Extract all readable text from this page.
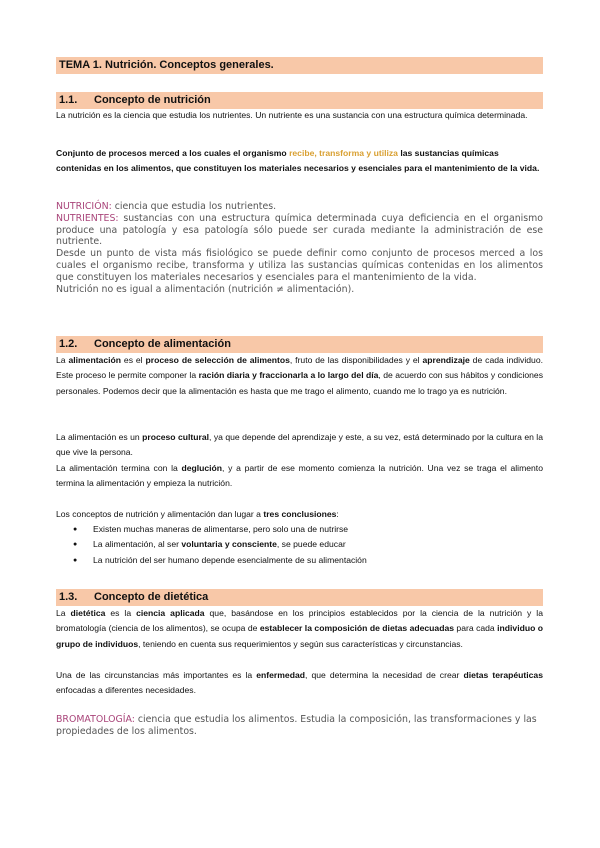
TEMA 1. Nutrición. Conceptos generales.
1.1. Concepto de nutrición

La nutrición es la ciencia que estudia los nutrientes. Un nutriente es una sustancia con una estructura química determinada.

Conjunto de procesos merced a los cuales el organismo recibe, transforma y utiliza las sustancias químicas contenidas en los alimentos, que constituyen los materiales necesarios y esenciales para el mantenimiento de la vida.

NUTRICIÓN: ciencia que estudia los nutrientes.
NUTRIENTES: sustancias con una estructura química determinada cuya deficiencia en el organismo produce una patología y esa patología sólo puede ser curada mediante la administración de ese nutriente.
Desde un punto de vista más fisiológico se puede definir como conjunto de procesos merced a los cuales el organismo recibe, transforma y utiliza las sustancias químicas contenidas en los alimentos que constituyen los materiales necesarios y esenciales para el mantenimiento de la vida.
Nutrición no es igual a alimentación (nutrición ≠ alimentación).
1.2. Concepto de alimentación

La alimentación es el proceso de selección de alimentos, fruto de las disponibilidades y el aprendizaje de cada individuo. Este proceso le permite componer la ración diaria y fraccionarla a lo largo del día, de acuerdo con sus hábitos y condiciones personales. Podemos decir que la alimentación es hasta que me trago el alimento, cuando me lo trago ya es nutrición.

La alimentación es un proceso cultural, ya que depende del aprendizaje y este, a su vez, está determinado por la cultura en la que vive la persona.

La alimentación termina con la deglución, y a partir de ese momento comienza la nutrición. Una vez se traga el alimento termina la alimentación y empieza la nutrición.

Los conceptos de nutrición y alimentación dan lugar a tres conclusiones:

● Existen muchas maneras de alimentarse, pero solo una de nutrirse
● La alimentación, al ser voluntaria y consciente, se puede educar
● La nutrición del ser humano depende esencialmente de su alimentación
1.3. Concepto de dietética

La dietética es la ciencia aplicada que, basándose en los principios establecidos por la ciencia de la nutrición y la bromatología (ciencia de los alimentos), se ocupa de establecer la composición de dietas adecuadas para cada individuo o grupo de individuos, teniendo en cuenta sus requerimientos y según sus características y circunstancias.

Una de las circunstancias más importantes es la enfermedad, que determina la necesidad de crear dietas terapéuticas enfocadas a diferentes necesidades.

BROMATOLOGÍA: ciencia que estudia los alimentos. Estudia la composición, las transformaciones y las propiedades de los alimentos.
